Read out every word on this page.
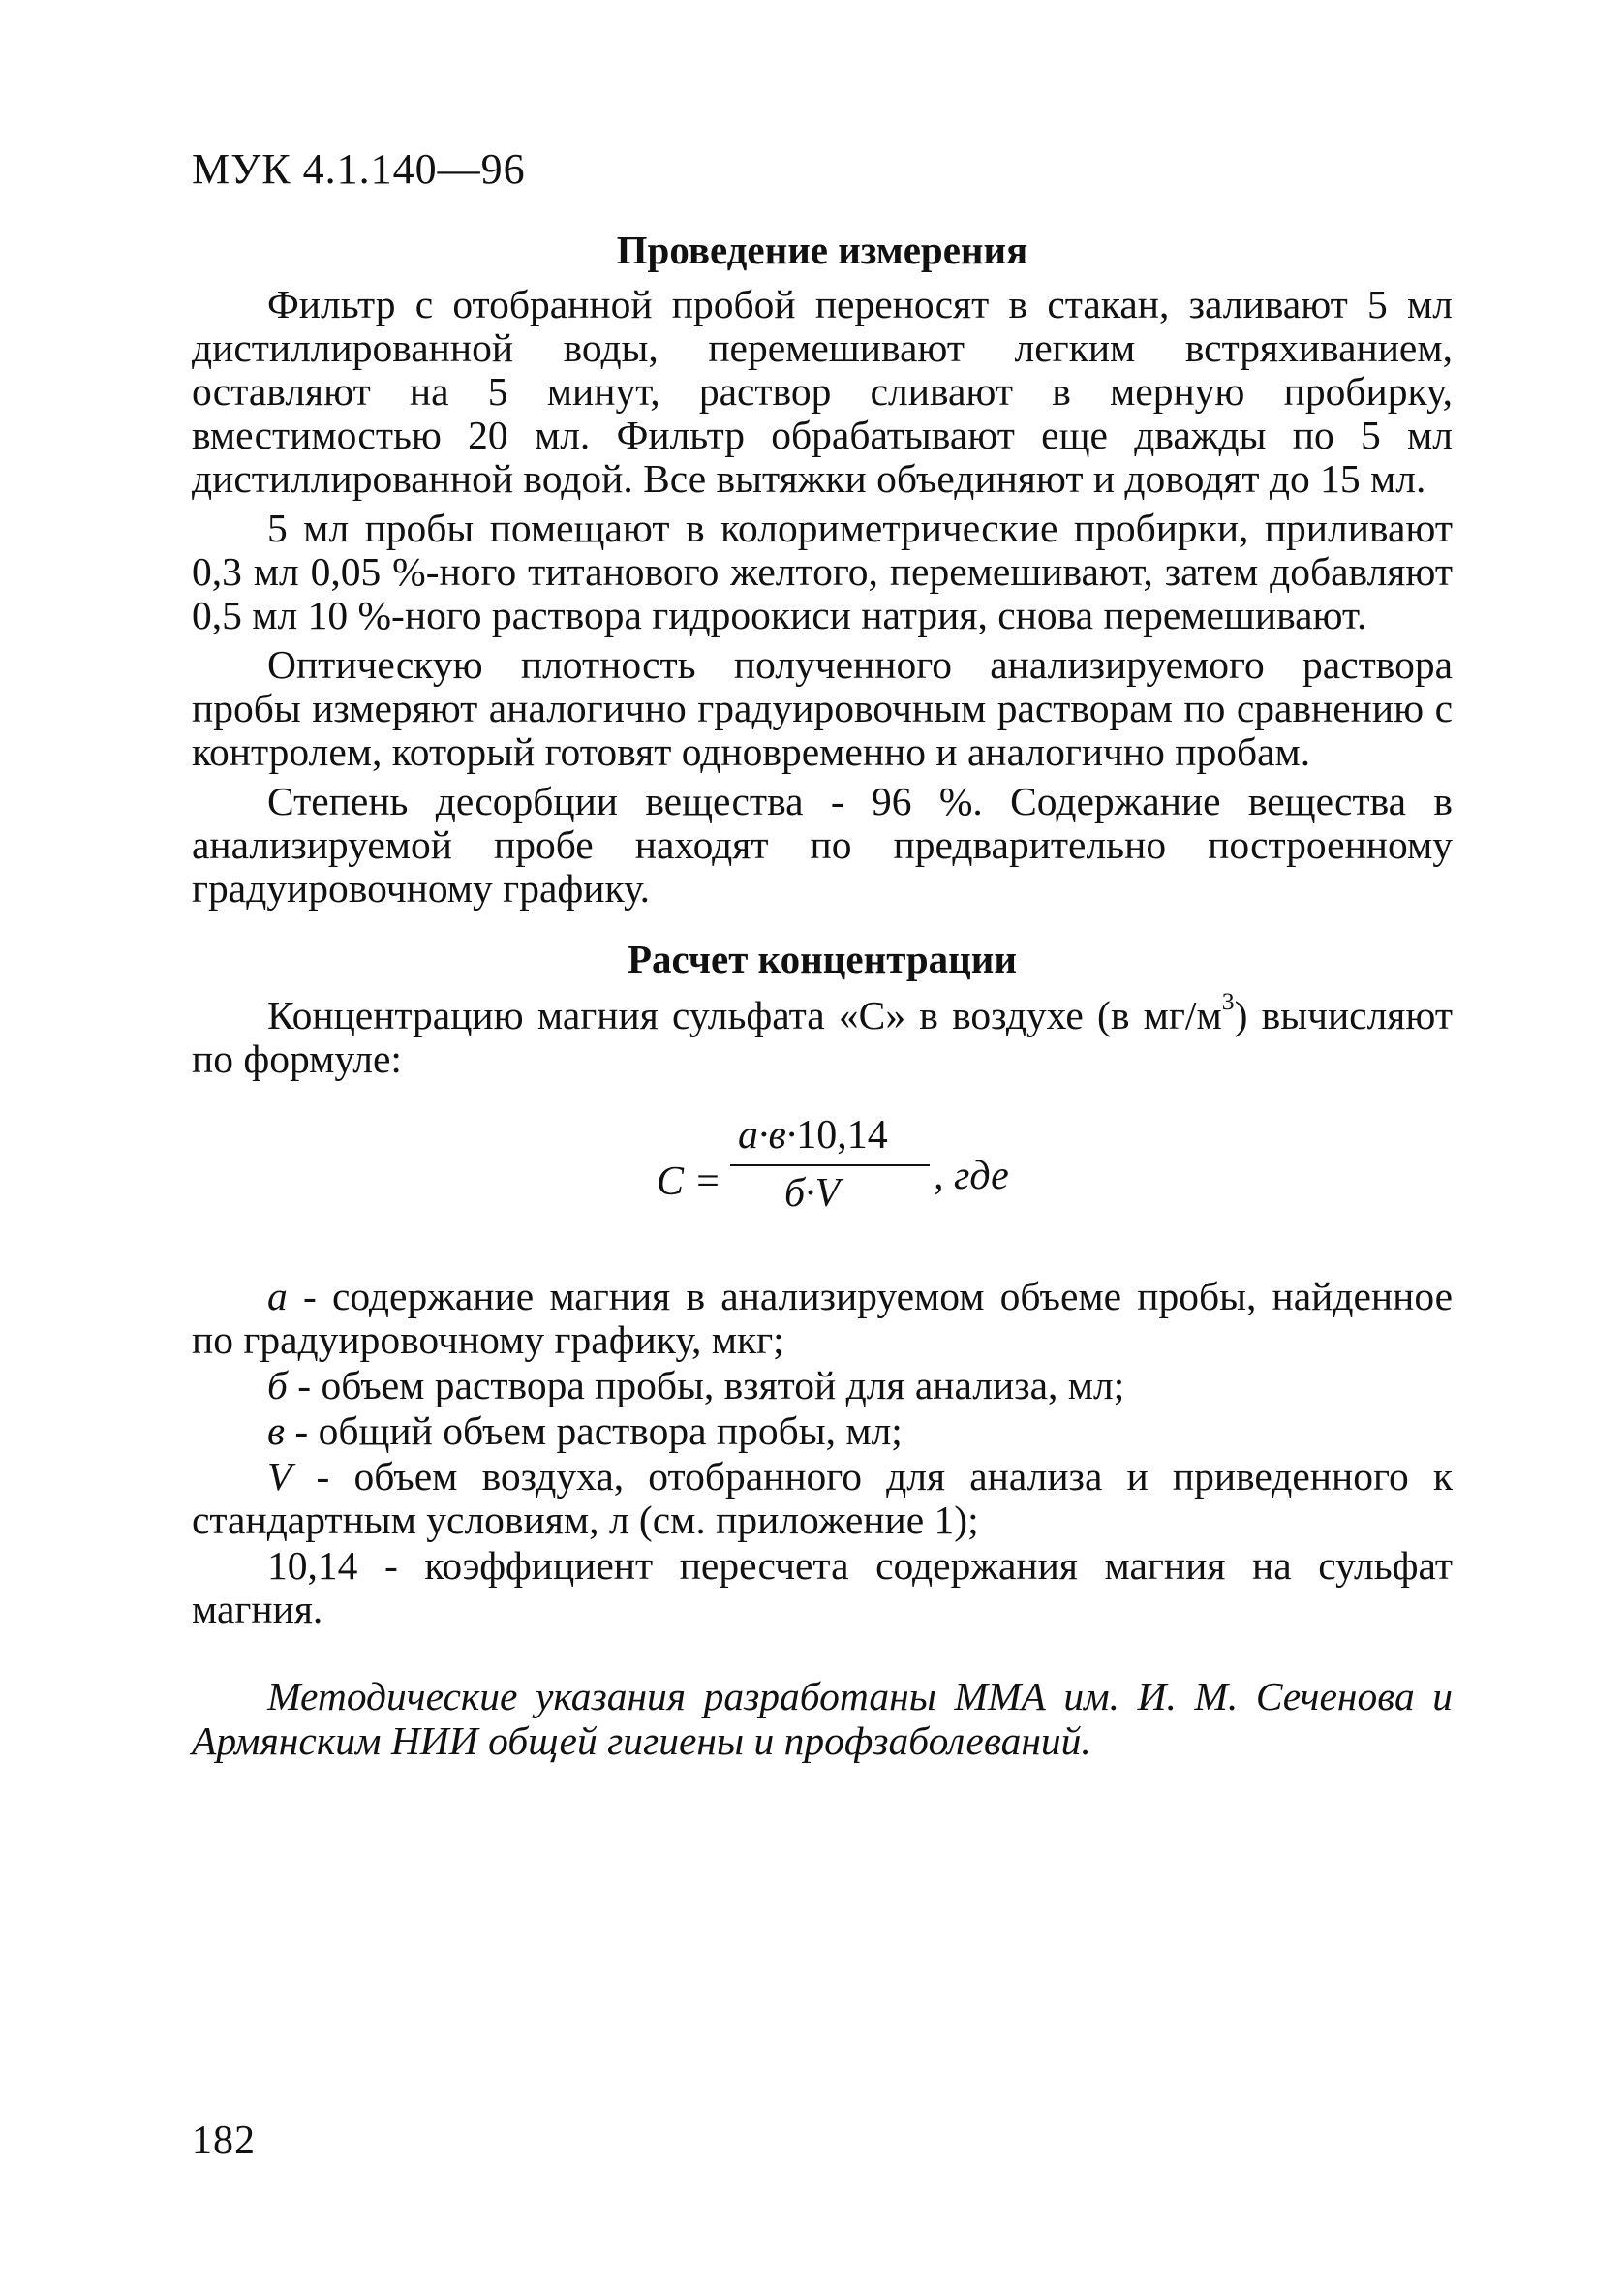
МУК 4.1.140—96
Проведение измерения

Фильтр с отобранной пробой переносят в стакан, заливают 5 мл дистиллированной воды, перемешивают легким встряхиванием, оставляют на 5 минут, раствор сливают в мерную пробирку, вместимостью 20 мл. Фильтр обрабатывают еще дважды по 5 мл дистиллированной водой. Все вытяжки объединяют и доводят до 15 мл.

5 мл пробы помещают в колориметрические пробирки, приливают 0,3 мл 0,05 %-ного титанового желтого, перемешивают, затем добавляют 0,5 мл 10 %-ного раствора гидроокиси натрия, снова перемешивают.

Оптическую плотность полученного анализируемого раствора пробы измеряют аналогично градуировочным растворам по сравнению с контролем, который готовят одновременно и аналогично пробам.

Степень десорбции вещества - 96 %. Содержание вещества в анализируемой пробе находят по предварительно построенному градуировочному графику.

Расчет концентрации

Концентрацию магния сульфата «С» в воздухе (в $мг/м^3$) вычисляют по формуле:

C =
а·в·10,14
б·V , где

а - содержание магния в анализируемом объеме пробы, найденное по градуировочному графику, мкг;

б - объем раствора пробы, взятой для анализа, мл;

в - общий объем раствора пробы, мл;

V - объем воздуха, отобранного для анализа и приведенного к стандартным условиям, л (см. приложение 1);

10,14 - коэффициент пересчета содержания магния на сульфат магния.

Методические указания разработаны ММА им. И. М. Сеченова и Армянским НИИ общей гигиены и профзаболеваний.

182
